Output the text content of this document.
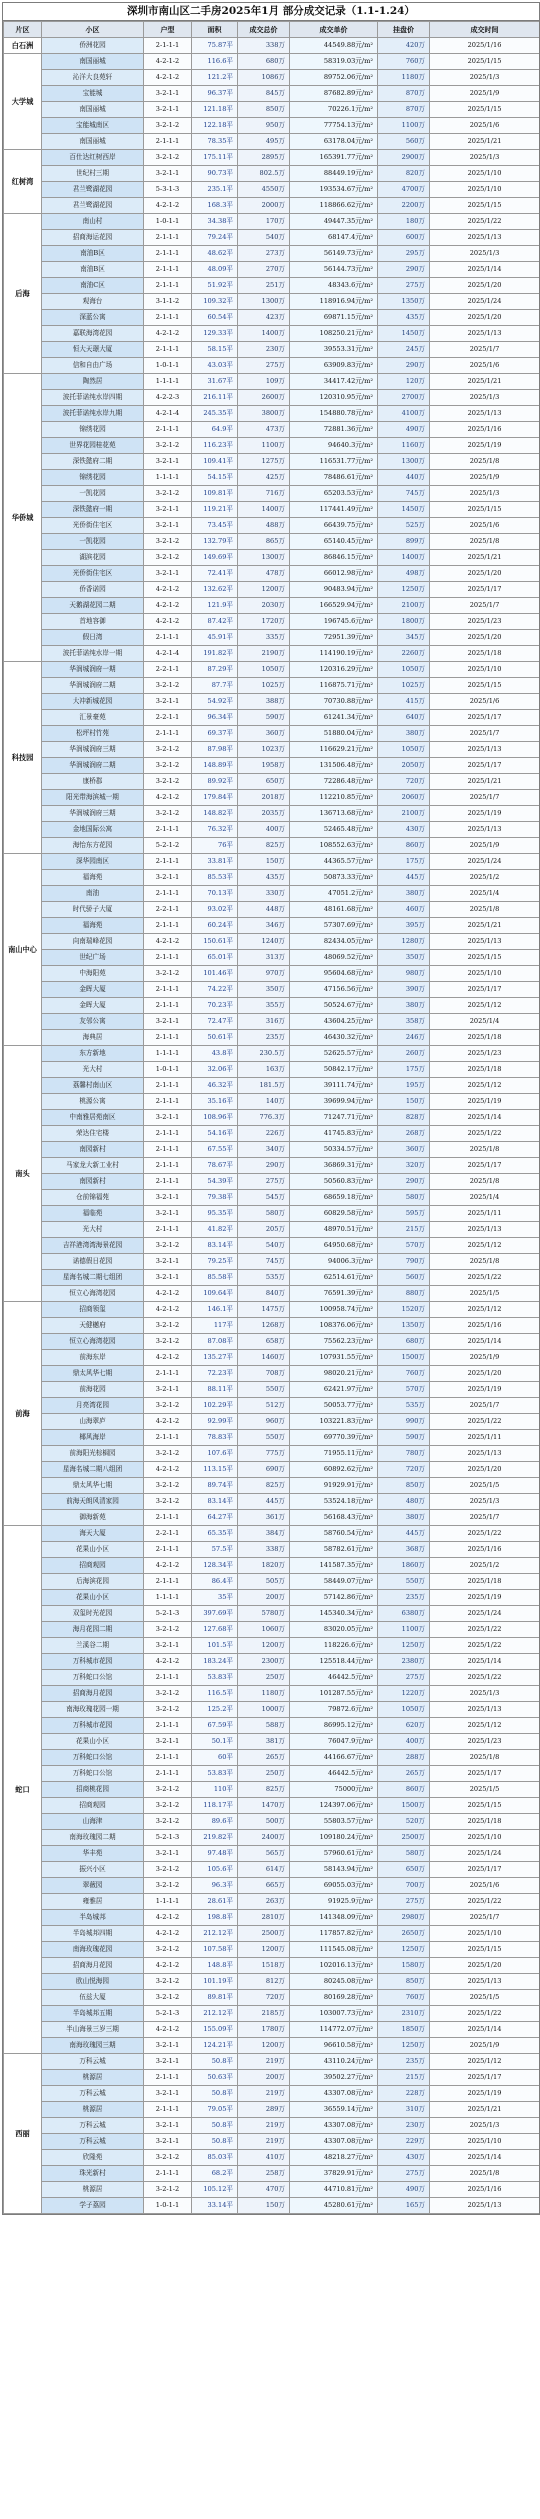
深圳市南山区二手房2025年1月 部分成交记录（1.1-1.24）
片区	小区	户型	面积	成交总价	成交单价	挂盘价	成交时间
白石洲	侨洲花园	2-1-1-1	75.87平	338万	44549.88元/m²	420万	2025/1/16
大学城	南国丽城	4-2-1-2	116.6平	680万	58319.03元/m²	760万	2025/1/15
	沁洋大良苑轩	4-2-1-2	121.2平	1086万	89752.06元/m²	1180万	2025/1/3
	宝能城	3-2-1-1	96.37平	845万	87682.89元/m²	870万	2025/1/9
	南国丽城	3-2-1-1	121.18平	850万	70226.1元/m²	870万	2025/1/15
	宝能城南区	3-2-1-2	122.18平	950万	77754.13元/m²	1100万	2025/1/6
	南国丽城	2-1-1-1	78.35平	495万	63178.04元/m²	560万	2025/1/21
红树湾	百仕达红树西岸	3-2-1-2	175.11平	2895万	165391.77元/m²	2900万	2025/1/3
	世纪村三期	3-2-1-1	90.73平	802.5万	88449.19元/m²	820万	2025/1/10
	君兰鹭湖花园	5-3-1-3	235.1平	4550万	193534.67元/m²	4700万	2025/1/10
	君兰鹭湖花园	4-2-1-2	168.3平	2000万	118866.62元/m²	2200万	2025/1/15
后海	南山村	1-0-1-1	34.38平	170万	49447.35元/m²	180万	2025/1/22
	招商海运花园	2-1-1-1	79.24平	540万	68147.4元/m²	600万	2025/1/13
	南油B区	2-1-1-1	48.62平	273万	56149.73元/m²	295万	2025/1/3
	南油B区	2-1-1-1	48.09平	270万	56144.73元/m²	290万	2025/1/14
	南油C区	2-1-1-1	51.92平	251万	48343.6元/m²	275万	2025/1/20
	观海台	3-1-1-2	109.32平	1300万	118916.94元/m²	1350万	2025/1/24
	深蓝公寓	2-1-1-1	60.54平	423万	69871.15元/m²	435万	2025/1/20
	嘉联海湾花园	4-2-1-2	129.33平	1400万	108250.21元/m²	1450万	2025/1/13
	恒大天璟大厦	2-1-1-1	58.15平	230万	39553.31元/m²	245万	2025/1/7
	信和自由广场	1-0-1-1	43.03平	275万	63909.83元/m²	290万	2025/1/6
华侨城	陶然居	1-1-1-1	31.67平	109万	34417.42元/m²	120万	2025/1/21
	波托菲诺纯水岸四期	4-2-2-3	216.11平	2600万	120310.95元/m²	2700万	2025/1/3
	波托菲诺纯水岸九期	4-2-1-4	245.35平	3800万	154880.78元/m²	4100万	2025/1/13
	锦绣花园	2-1-1-1	64.9平	473万	72881.36元/m²	490万	2025/1/16
	世界花园桂花苑	3-2-1-2	116.23平	1100万	94640.3元/m²	1160万	2025/1/19
	深铁懿府二期	3-2-1-1	109.41平	1275万	116531.77元/m²	1300万	2025/1/8
	锦绣花园	1-1-1-1	54.15平	425万	78486.61元/m²	440万	2025/1/9
	一凯花园	3-2-1-2	109.81平	716万	65203.53元/m²	745万	2025/1/3
	深铁懿府一期	3-2-1-1	119.21平	1400万	117441.49元/m²	1450万	2025/1/15
	光侨街住宅区	3-2-1-1	73.45平	488万	66439.75元/m²	525万	2025/1/6
	一凯花园	3-2-1-2	132.79平	865万	65140.45元/m²	899万	2025/1/8
	湖滨花园	3-2-1-2	149.69平	1300万	86846.15元/m²	1400万	2025/1/21
	光侨街住宅区	3-2-1-1	72.41平	478万	66012.98元/m²	498万	2025/1/20
	侨香诺园	4-2-1-2	132.62平	1200万	90483.94元/m²	1250万	2025/1/17
	天鹅湖花园二期	4-2-1-2	121.9平	2030万	166529.94元/m²	2100万	2025/1/7
	首地容御	4-2-1-2	87.42平	1720万	196745.6元/m²	1800万	2025/1/23
	假日湾	2-1-1-1	45.91平	335万	72951.39元/m²	345万	2025/1/20
	波托菲诺纯水岸一期	4-2-1-4	191.82平	2190万	114190.19元/m²	2260万	2025/1/18
科技园	华润城润府一期	2-2-1-1	87.29平	1050万	120316.29元/m²	1050万	2025/1/10
	华润城润府二期	3-2-1-2	87.7平	1025万	116875.71元/m²	1025万	2025/1/15
	大冲新城花园	3-2-1-1	54.92平	388万	70730.88元/m²	415万	2025/1/6
	汇景豪苑	2-2-1-1	96.34平	590万	61241.34元/m²	640万	2025/1/17
	松坪村竹苑	2-1-1-1	69.37平	360万	51880.04元/m²	380万	2025/1/7
	华润城润府三期	3-2-1-2	87.98平	1023万	116629.21元/m²	1050万	2025/1/13
	华润城润府二期	3-2-1-2	148.89平	1958万	131506.48元/m²	2050万	2025/1/17
	康桥郡	3-2-1-2	89.92平	650万	72286.48元/m²	720万	2025/1/21
	阳光带海滨城一期	4-2-1-2	179.84平	2018万	112210.85元/m²	2060万	2025/1/7
	华润城润府三期	3-2-1-2	148.82平	2035万	136713.68元/m²	2100万	2025/1/19
	金地国际公寓	2-1-1-1	76.32平	400万	52465.48元/m²	430万	2025/1/13
	海怡东方花园	5-2-1-2	76平	825万	108552.63元/m²	860万	2025/1/9
南山中心	深华园南区	2-1-1-1	33.81平	150万	44365.57元/m²	175万	2025/1/24
	福海苑	3-2-1-1	85.53平	435万	50873.33元/m²	445万	2025/1/2
	南油	2-1-1-1	70.13平	330万	47051.2元/m²	380万	2025/1/4
	时代骄子大厦	2-2-1-1	93.02平	448万	48161.68元/m²	460万	2025/1/8
	福海苑	2-1-1-1	60.24平	346万	57307.69元/m²	395万	2025/1/21
	向南瑞峰花园	4-2-1-2	150.61平	1240万	82434.05元/m²	1280万	2025/1/13
	世纪广场	2-1-1-1	65.01平	313万	48069.52元/m²	350万	2025/1/15
	中海阳苑	3-2-1-2	101.46平	970万	95604.68元/m²	980万	2025/1/10
	金晖大厦	2-1-1-1	74.22平	350万	47156.56元/m²	390万	2025/1/17
	金晖大厦	2-1-1-1	70.23平	355万	50524.67元/m²	380万	2025/1/12
	友邻公寓	3-2-1-1	72.47平	316万	43604.25元/m²	358万	2025/1/4
	海典居	2-1-1-1	50.61平	235万	46430.32元/m²	246万	2025/1/18
南头	东方新地	1-1-1-1	43.8平	230.5万	52625.57元/m²	260万	2025/1/23
	光大村	1-0-1-1	32.06平	163万	50842.17元/m²	175万	2025/1/18
	荔馨村南山区	2-1-1-1	46.32平	181.5万	39111.74元/m²	195万	2025/1/12
	桃源公寓	2-1-1-1	35.16平	140万	39699.94元/m²	150万	2025/1/19
	中南雅居苑南区	3-2-1-1	108.96平	776.3万	71247.71元/m²	828万	2025/1/14
	荣达住宅楼	2-1-1-1	54.16平	226万	41745.83元/m²	268万	2025/1/22
	南园新村	2-1-1-1	67.55平	340万	50334.57元/m²	360万	2025/1/8
	马家龙大新工业村	2-1-1-1	78.67平	290万	36869.31元/m²	320万	2025/1/17
	南园新村	2-1-1-1	54.39平	275万	50560.83元/m²	290万	2025/1/8
	仓前锦福苑	3-2-1-1	79.38平	545万	68659.18元/m²	580万	2025/1/4
	福临苑	3-2-1-1	95.35平	580万	60829.58元/m²	595万	2025/1/11
	光大村	2-1-1-1	41.82平	205万	48970.51元/m²	215万	2025/1/13
	吉祥港湾湾海景花园	3-2-1-2	83.14平	540万	64950.68元/m²	570万	2025/1/12
	诺德假日花园	3-2-1-1	79.25平	745万	94006.3元/m²	790万	2025/1/8
	星海名城二期七组团	3-2-1-1	85.58平	535万	62514.61元/m²	560万	2025/1/22
	恒立心海湾花园	4-2-1-2	109.64平	840万	76591.39元/m²	880万	2025/1/5
前海	招商领玺	4-2-1-2	146.1平	1475万	100958.74元/m²	1520万	2025/1/12
	天健樾府	3-2-1-2	117平	1268万	108376.06元/m²	1350万	2025/1/16
	恒立心海湾花园	3-2-1-2	87.08平	658万	75562.23元/m²	680万	2025/1/14
	前海东岸	4-2-1-2	135.27平	1460万	107931.55元/m²	1500万	2025/1/9
	鼎太风华七期	2-1-1-1	72.23平	708万	98020.21元/m²	760万	2025/1/20
	前海花园	3-2-1-1	88.11平	550万	62421.97元/m²	570万	2025/1/19
	月亮湾花园	3-2-1-2	102.29平	512万	50053.77元/m²	535万	2025/1/7
	山海翠庐	4-2-1-2	92.99平	960万	103221.83元/m²	990万	2025/1/22
	椰风海岸	2-1-1-1	78.83平	550万	69770.39元/m²	590万	2025/1/11
	前海阳光棕榈园	3-2-1-2	107.6平	775万	71955.11元/m²	780万	2025/1/13
	星海名城二期八组团	4-2-1-2	113.15平	690万	60892.62元/m²	720万	2025/1/20
	鼎太风华七期	3-2-1-2	89.74平	825万	91929.91元/m²	850万	2025/1/5
	前海天朗风清家园	3-2-1-2	83.14平	445万	53524.18元/m²	480万	2025/1/3
	御海新苑	2-1-1-1	64.27平	361万	56168.43元/m²	380万	2025/1/7
蛇口	海天大厦	2-2-1-1	65.35平	384万	58760.54元/m²	445万	2025/1/22
	花果山小区	2-1-1-1	57.5平	338万	58782.61元/m²	368万	2025/1/16
	招商观园	4-2-1-2	128.34平	1820万	141587.35元/m²	1860万	2025/1/2
	后海滨花园	2-1-1-1	86.4平	505万	58449.07元/m²	550万	2025/1/18
	花果山小区	1-1-1-1	35平	200万	57142.86元/m²	235万	2025/1/19
	双玺时光花园	5-2-1-3	397.69平	5780万	145340.34元/m²	6380万	2025/1/24
	海月花园二期	3-2-1-2	127.68平	1060万	83020.05元/m²	1100万	2025/1/22
	兰溪谷二期	3-2-1-1	101.5平	1200万	118226.6元/m²	1250万	2025/1/22
	万科城市花园	4-2-1-2	183.24平	2300万	125518.44元/m²	2380万	2025/1/14
	万科蛇口公馆	2-1-1-1	53.83平	250万	46442.5元/m²	275万	2025/1/22
	招商海月花园	3-2-1-2	116.5平	1180万	101287.55元/m²	1220万	2025/1/3
	南海玫瑰花园一期	3-2-1-2	125.2平	1000万	79872.6元/m²	1050万	2025/1/13
	万科城市花园	2-1-1-1	67.59平	588万	86995.12元/m²	620万	2025/1/12
	花果山小区	3-2-1-1	50.1平	381万	76047.9元/m²	400万	2025/1/23
	万科蛇口公馆	2-1-1-1	60平	265万	44166.67元/m²	288万	2025/1/8
	万科蛇口公馆	2-1-1-1	53.83平	250万	46442.5元/m²	265万	2025/1/17
	招商桃花园	3-2-1-2	110平	825万	75000元/m²	860万	2025/1/5
	招商观园	3-2-1-2	118.17平	1470万	124397.06元/m²	1500万	2025/1/15
	山海津	3-2-1-2	89.6平	500万	55803.57元/m²	520万	2025/1/18
	南海玫瑰园二期	5-2-1-3	219.82平	2400万	109180.24元/m²	2500万	2025/1/10
	华丰苑	3-2-1-1	97.48平	565万	57960.61元/m²	580万	2025/1/24
	振兴小区	3-2-1-2	105.6平	614万	58143.94元/m²	650万	2025/1/17
	翠薇园	3-2-1-2	96.3平	665万	69055.03元/m²	700万	2025/1/6
	雍雅居	1-1-1-1	28.61平	263万	91925.9元/m²	275万	2025/1/22
	半岛城邦	4-2-1-2	198.8平	2810万	141348.09元/m²	2980万	2025/1/7
	半岛城邦四期	4-2-1-2	212.12平	2500万	117857.82元/m²	2650万	2025/1/10
	南海玫瑰花园	3-2-1-2	107.58平	1200万	111545.08元/m²	1250万	2025/1/15
	招商海月花园	4-2-1-2	148.8平	1518万	102016.13元/m²	1580万	2025/1/20
	欧山悦海园	3-2-1-2	101.19平	812万	80245.08元/m²	850万	2025/1/13
	伍兹大厦	3-2-1-2	89.81平	720万	80169.28元/m²	760万	2025/1/5
	半岛城邦五期	5-2-1-3	212.12平	2185万	103007.73元/m²	2310万	2025/1/22
	半山海景三岁三期	4-2-1-2	155.09平	1780万	114772.07元/m²	1850万	2025/1/14
	南海玫瑰园三期	3-2-1-1	124.21平	1200万	96610.58元/m²	1250万	2025/1/9
西丽	万科云城	3-2-1-1	50.8平	219万	43110.24元/m²	235万	2025/1/12
	桃源居	2-1-1-1	50.63平	200万	39502.27元/m²	215万	2025/1/17
	万科云城	3-2-1-1	50.8平	219万	43307.08元/m²	228万	2025/1/19
	桃源居	2-1-1-1	79.05平	289万	36559.14元/m²	310万	2025/1/21
	万科云城	3-2-1-1	50.8平	219万	43307.08元/m²	230万	2025/1/3
	万科云城	3-2-1-1	50.8平	219万	43307.08元/m²	229万	2025/1/10
	欣隆苑	3-2-1-2	85.03平	410万	48218.27元/m²	430万	2025/1/14
	珠光新村	2-1-1-1	68.2平	258万	37829.91元/m²	275万	2025/1/8
	桃源居	3-2-1-2	105.12平	470万	44710.81元/m²	490万	2025/1/16
	学子荔园	1-0-1-1	33.14平	150万	45280.61元/m²	165万	2025/1/13
